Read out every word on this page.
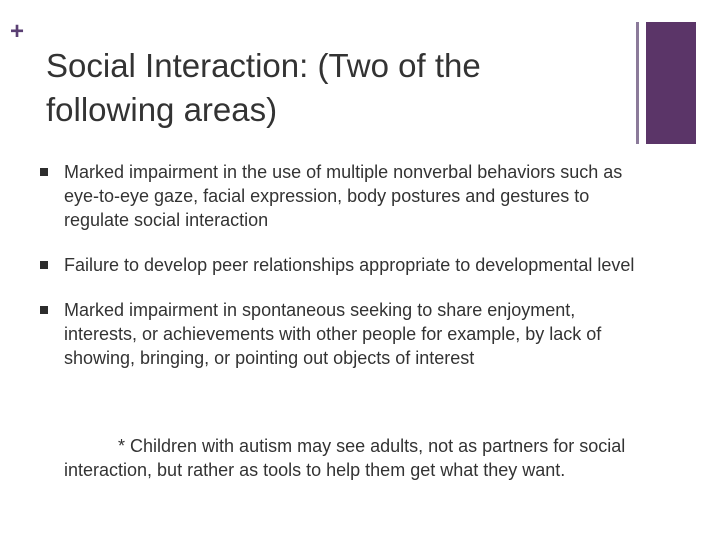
+
Social Interaction: (Two of the following areas)
Marked impairment in the use of multiple nonverbal behaviors such as eye-to-eye gaze, facial expression, body postures and gestures to regulate social interaction
Failure to develop peer relationships appropriate to developmental level
Marked impairment in spontaneous seeking to share enjoyment, interests, or achievements with other people for example, by lack of showing, bringing, or pointing out objects of interest

* Children with autism may see adults, not as partners for social interaction, but rather as tools to help them get what they want.
